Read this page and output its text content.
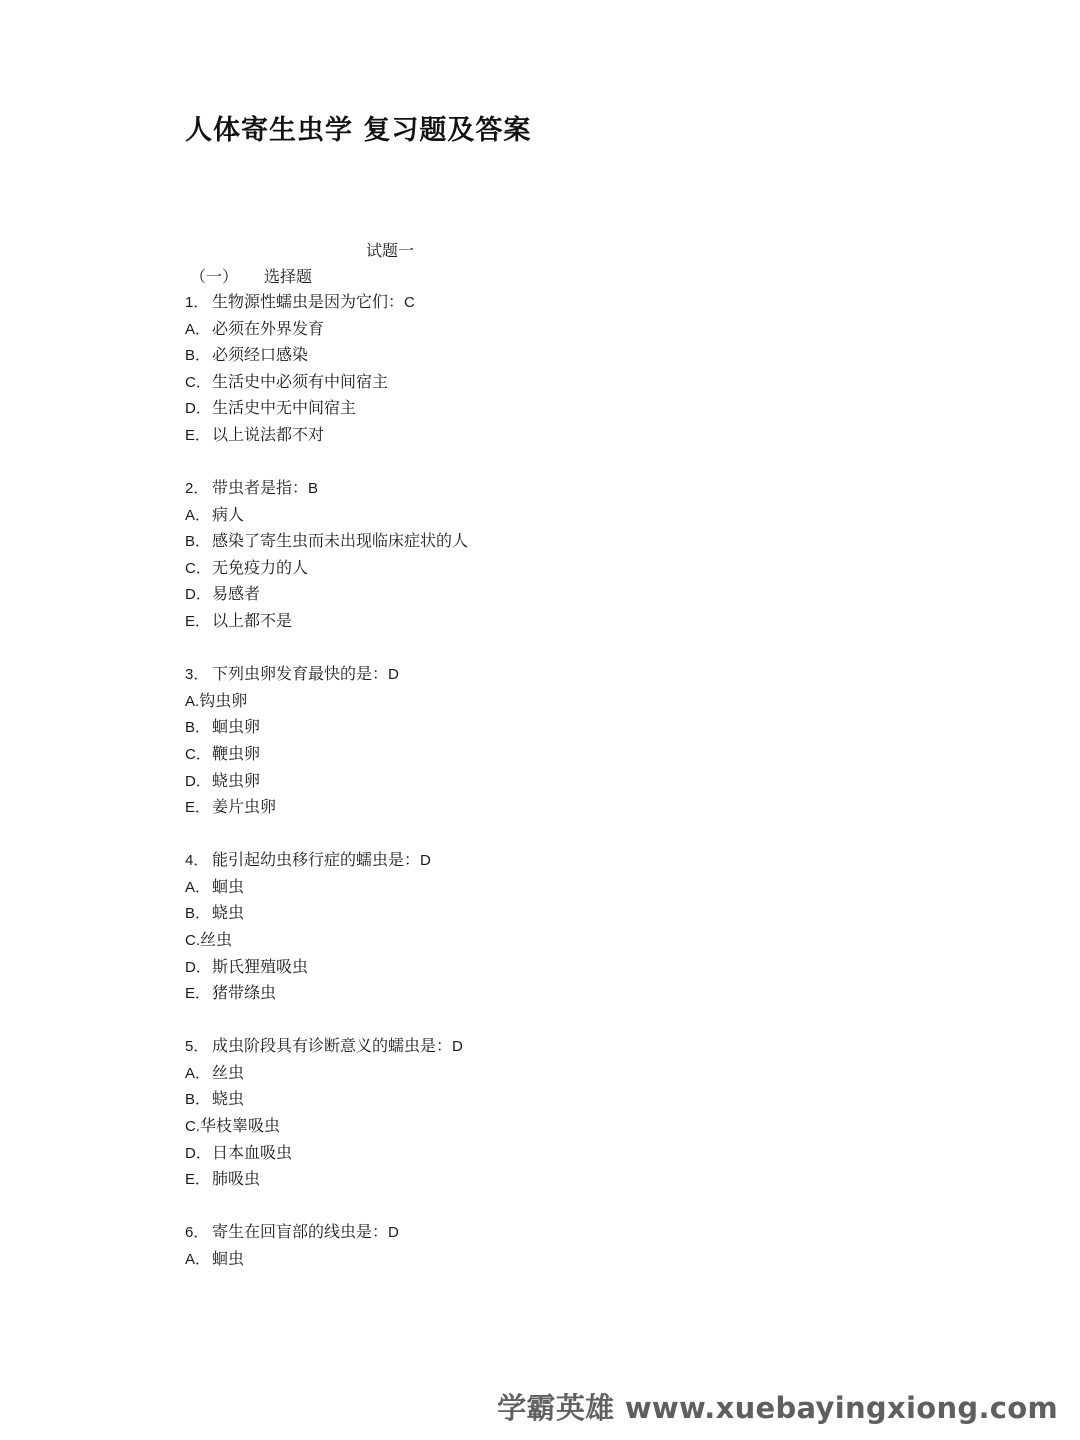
人体寄生虫学 复习题及答案
试题一
（一） 选择题
1． 生物源性蠕虫是因为它们：C
A． 必须在外界发育
B． 必须经口感染
C．生活史中必须有中间宿主
D．生活史中无中间宿主
E． 以上说法都不对
2． 带虫者是指：B
A． 病人
B． 感染了寄生虫而未出现临床症状的人
C．无免疫力的人
D．易感者
E． 以上都不是
3． 下列虫卵发育最快的是：D
A.钩虫卵
B． 蛔虫卵
C．鞭虫卵
D．蛲虫卵
E． 姜片虫卵
4． 能引起幼虫移行症的蠕虫是：D
A． 蛔虫
B． 蛲虫
C.丝虫
D．斯氏狸殖吸虫
E． 猪带绦虫
5． 成虫阶段具有诊断意义的蠕虫是：D
A． 丝虫
B． 蛲虫
C.华枝睾吸虫
D．日本血吸虫
E． 肺吸虫
6． 寄生在回盲部的线虫是：D
A． 蛔虫
学霸英雄 www.xuebayingxiong.com
